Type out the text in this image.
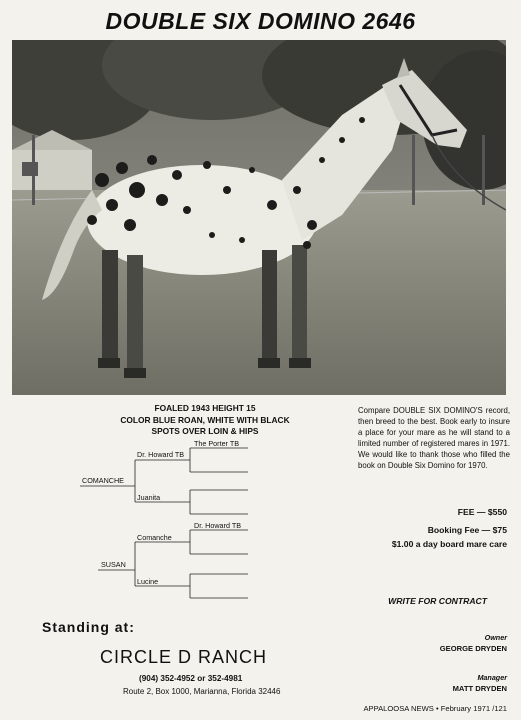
DOUBLE SIX DOMINO 2646
FOALED 1943 HEIGHT 15
COLOR BLUE ROAN, WHITE WITH BLACK
SPOTS OVER LOIN & HIPS
COMANCHE
SUSAN
Dr. Howard TB
Juanita
The Porter TB
Comanche
Lucine
Dr. Howard TB
Compare DOUBLE SIX DOMINO'S record, then breed to the best. Book early to insure a place for your mare as he will stand to a limited number of registered mares in 1971. We would like to thank those who filled the book on Double Six Domino for 1970.
FEE — $550
Booking Fee — $75
$1.00 a day board mare care
WRITE FOR CONTRACT
Owner
GEORGE DRYDEN
Manager
MATT DRYDEN
Standing at:
CIRCLE D RANCH
(904) 352-4952 or 352-4981
Route 2, Box 1000, Marianna, Florida 32446
APPALOOSA NEWS • February 1971 /121
